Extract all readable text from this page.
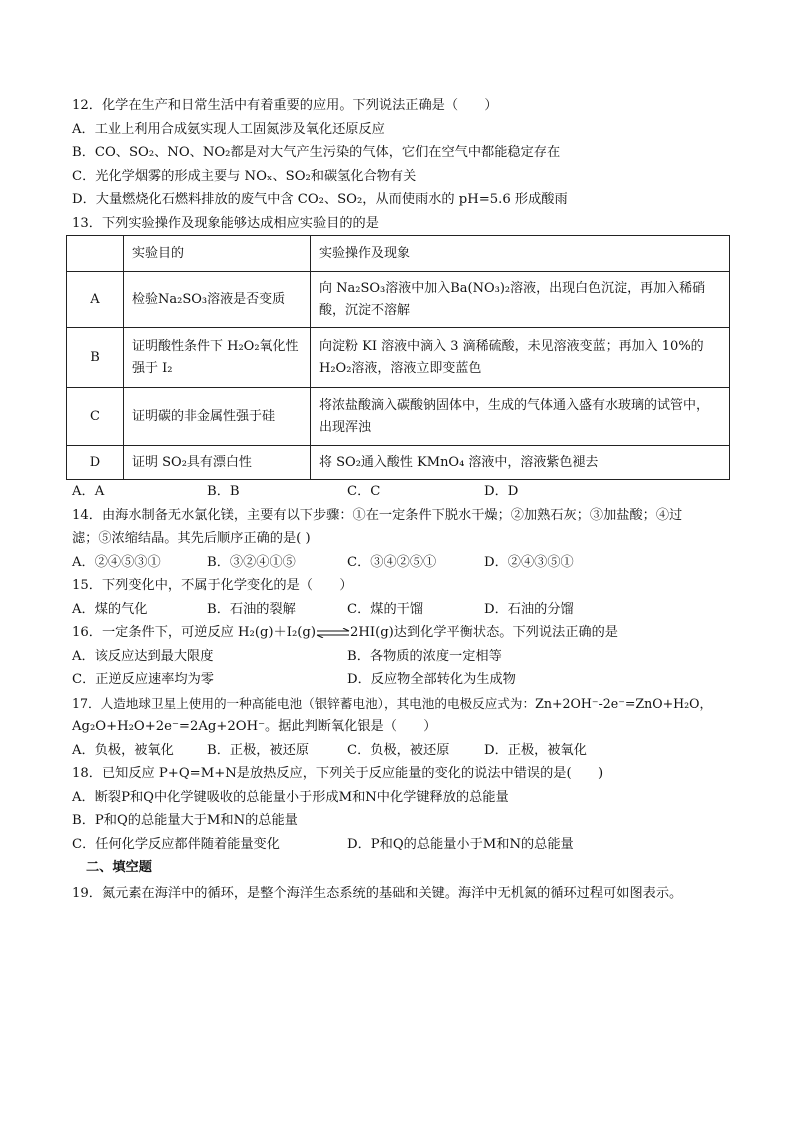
12．化学在生产和日常生活中有着重要的应用。下列说法正确是（　　）
A．工业上利用合成氨实现人工固氮涉及氧化还原反应
B．CO、SO₂、NO、NO₂都是对大气产生污染的气体，它们在空气中都能稳定存在
C．光化学烟雾的形成主要与 NOₓ、SO₂和碳氢化合物有关
D．大量燃烧化石燃料排放的废气中含 CO₂、SO₂，从而使雨水的 pH=5.6 形成酸雨
13．下列实验操作及现象能够达成相应实验目的的是
	实验目的	实验操作及现象
A	检验Na₂SO₃溶液是否变质	向 Na₂SO₃溶液中加入Ba(NO₃)₂溶液，出现白色沉淀，再加入稀硝酸，沉淀不溶解
B	证明酸性条件下 H₂O₂氧化性强于 I₂	向淀粉 KI 溶液中滴入 3 滴稀硫酸，未见溶液变蓝；再加入 10%的 H₂O₂溶液，溶液立即变蓝色
C	证明碳的非金属性强于硅	将浓盐酸滴入碳酸钠固体中，生成的气体通入盛有水玻璃的试管中，出现浑浊
D	证明 SO₂具有漂白性	将 SO₂通入酸性 KMnO₄ 溶液中，溶液紫色褪去
A．A	B．B	C．C	D．D
14．由海水制备无水氯化镁，主要有以下步骤：①在一定条件下脱水干燥；②加熟石灰；③加盐酸；④过
滤；⑤浓缩结晶。其先后顺序正确的是( )
A．②④⑤③①	B．③②④①⑤	C．③④②⑤①	D．②④③⑤①
15．下列变化中，不属于化学变化的是（　　）
A．煤的气化	B．石油的裂解	C．煤的干馏	D．石油的分馏
16．一定条件下，可逆反应 H₂(g)＋I₂(g)⇌2HI(g)达到化学平衡状态。下列说法正确的是
A．该反应达到最大限度	B．各物质的浓度一定相等
C．正逆反应速率均为零	D．反应物全部转化为生成物
17．人造地球卫星上使用的一种高能电池（银锌蓄电池），其电池的电极反应式为：Zn+2OH⁻-2e⁻=ZnO+H₂O，
Ag₂O+H₂O+2e⁻=2Ag+2OH⁻。据此判断氧化银是（　　）
A．负极，被氧化	B．正极，被还原	C．负极，被还原	D．正极，被氧化
18．已知反应 P+Q=M+N是放热反应，下列关于反应能量的变化的说法中错误的是(　　)
A．断裂P和Q中化学键吸收的总能量小于形成M和N中化学键释放的总能量
B．P和Q的总能量大于M和N的总能量
C．任何化学反应都伴随着能量变化	D．P和Q的总能量小于M和N的总能量
二、填空题
19．氮元素在海洋中的循环，是整个海洋生态系统的基础和关键。海洋中无机氮的循环过程可如图表示。
